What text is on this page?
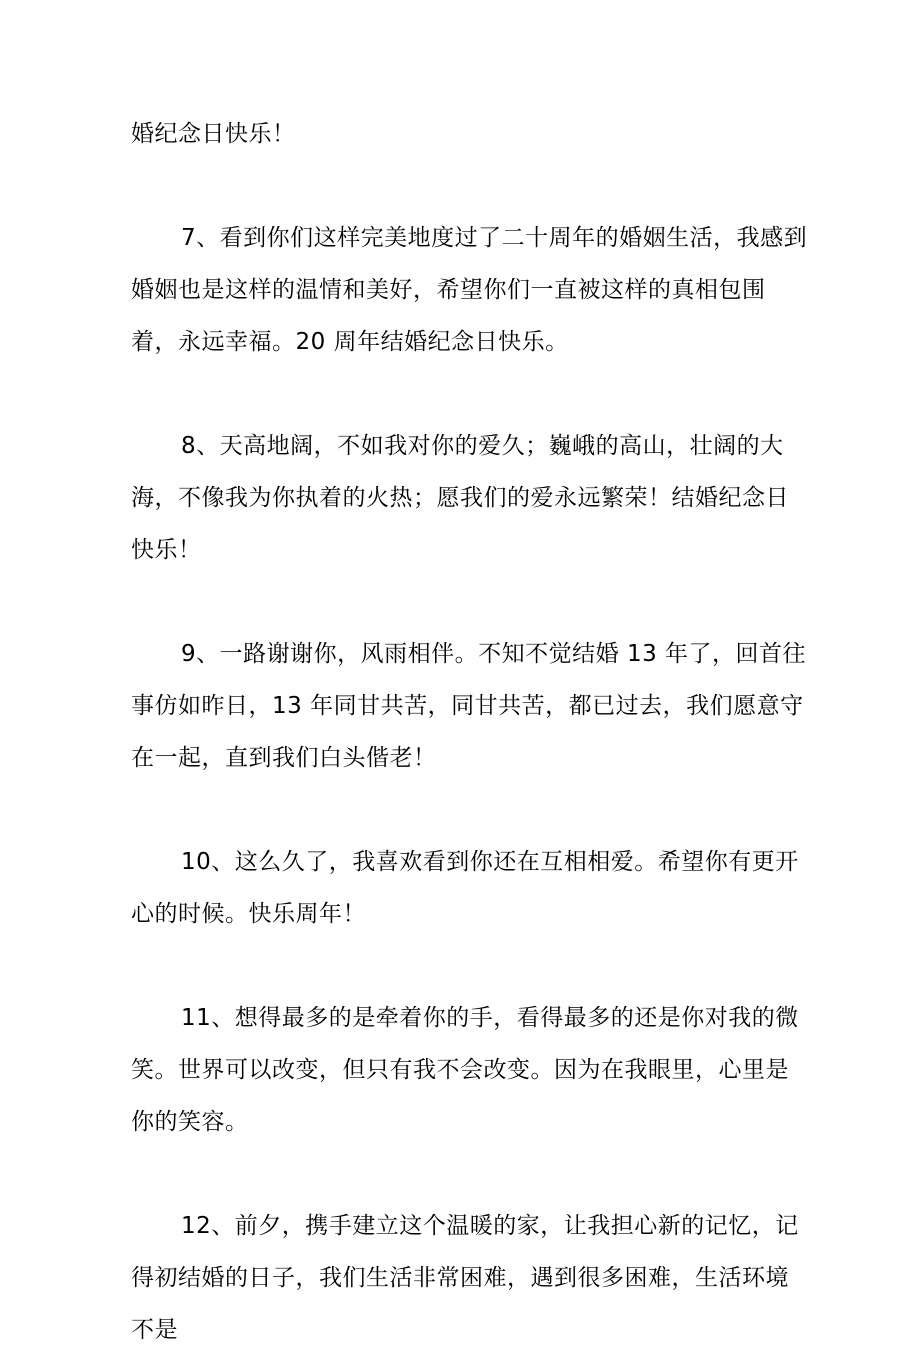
婚纪念日快乐！

7、看到你们这样完美地度过了二十周年的婚姻生活，我感到婚姻也是这样的温情和美好，希望你们一直被这样的真相包围着，永远幸福。20 周年结婚纪念日快乐。

8、天高地阔，不如我对你的爱久；巍峨的高山，壮阔的大海，不像我为你执着的火热；愿我们的爱永远繁荣！结婚纪念日快乐！

9、一路谢谢你，风雨相伴。不知不觉结婚 13 年了，回首往事仿如昨日，13 年同甘共苦，同甘共苦，都已过去，我们愿意守在一起，直到我们白头偕老！

10、这么久了，我喜欢看到你还在互相相爱。希望你有更开心的时候。快乐周年！

11、想得最多的是牵着你的手，看得最多的还是你对我的微笑。世界可以改变，但只有我不会改变。因为在我眼里，心里是你的笑容。

12、前夕，携手建立这个温暖的家，让我担心新的记忆，记得初结婚的日子，我们生活非常困难，遇到很多困难，生活环境不是
